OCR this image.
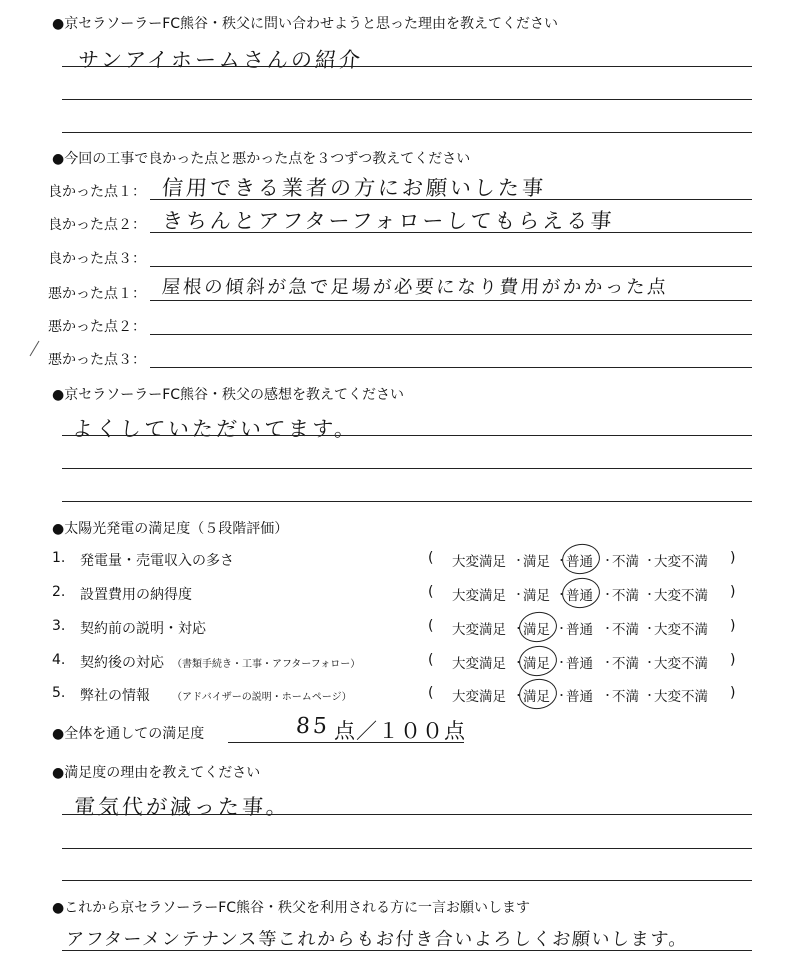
●京セラソーラーFC熊谷・秩父に問い合わせようと思った理由を教えてください
サンアイホームさんの紹介
●今回の工事で良かった点と悪かった点を３つずつ教えてください
良かった点１： 信用できる業者の方にお願いした事
良かった点２： きちんとアフターフォローしてもらえる事
良かった点３：
悪かった点１： 屋根の傾斜が急で足場が必要になり費用がかかった点
悪かった点２：
悪かった点３：
●京セラソーラーFC熊谷・秩父の感想を教えてください
よくしていただいてます。
●太陽光発電の満足度（５段階評価）
1. 発電量・売電収入の多さ	( 大変満足 ・ 満足 ・ 普通 ・ 不満 ・ 大変不満 )
2. 設置費用の納得度	( 大変満足 ・ 満足 ・ 普通 ・ 不満 ・ 大変不満 )
3. 契約前の説明・対応	( 大変満足 ・ 満足 ・ 普通 ・ 不満 ・ 大変不満 )
4. 契約後の対応 （書類手続き・工事・アフターフォロー）	( 大変満足 ・ 満足 ・ 普通 ・ 不満 ・ 大変不満 )
5. 弊社の情報 （アドバイザーの説明・ホームページ）	( 大変満足 ・ 満足 ・ 普通 ・ 不満 ・ 大変不満 )
●全体を通しての満足度	85 点／１００点
●満足度の理由を教えてください
電気代が減った事。
●これから京セラソーラーFC熊谷・秩父を利用される方に一言お願いします
アフターメンテナンス等これからもお付き合いよろしくお願いします。
